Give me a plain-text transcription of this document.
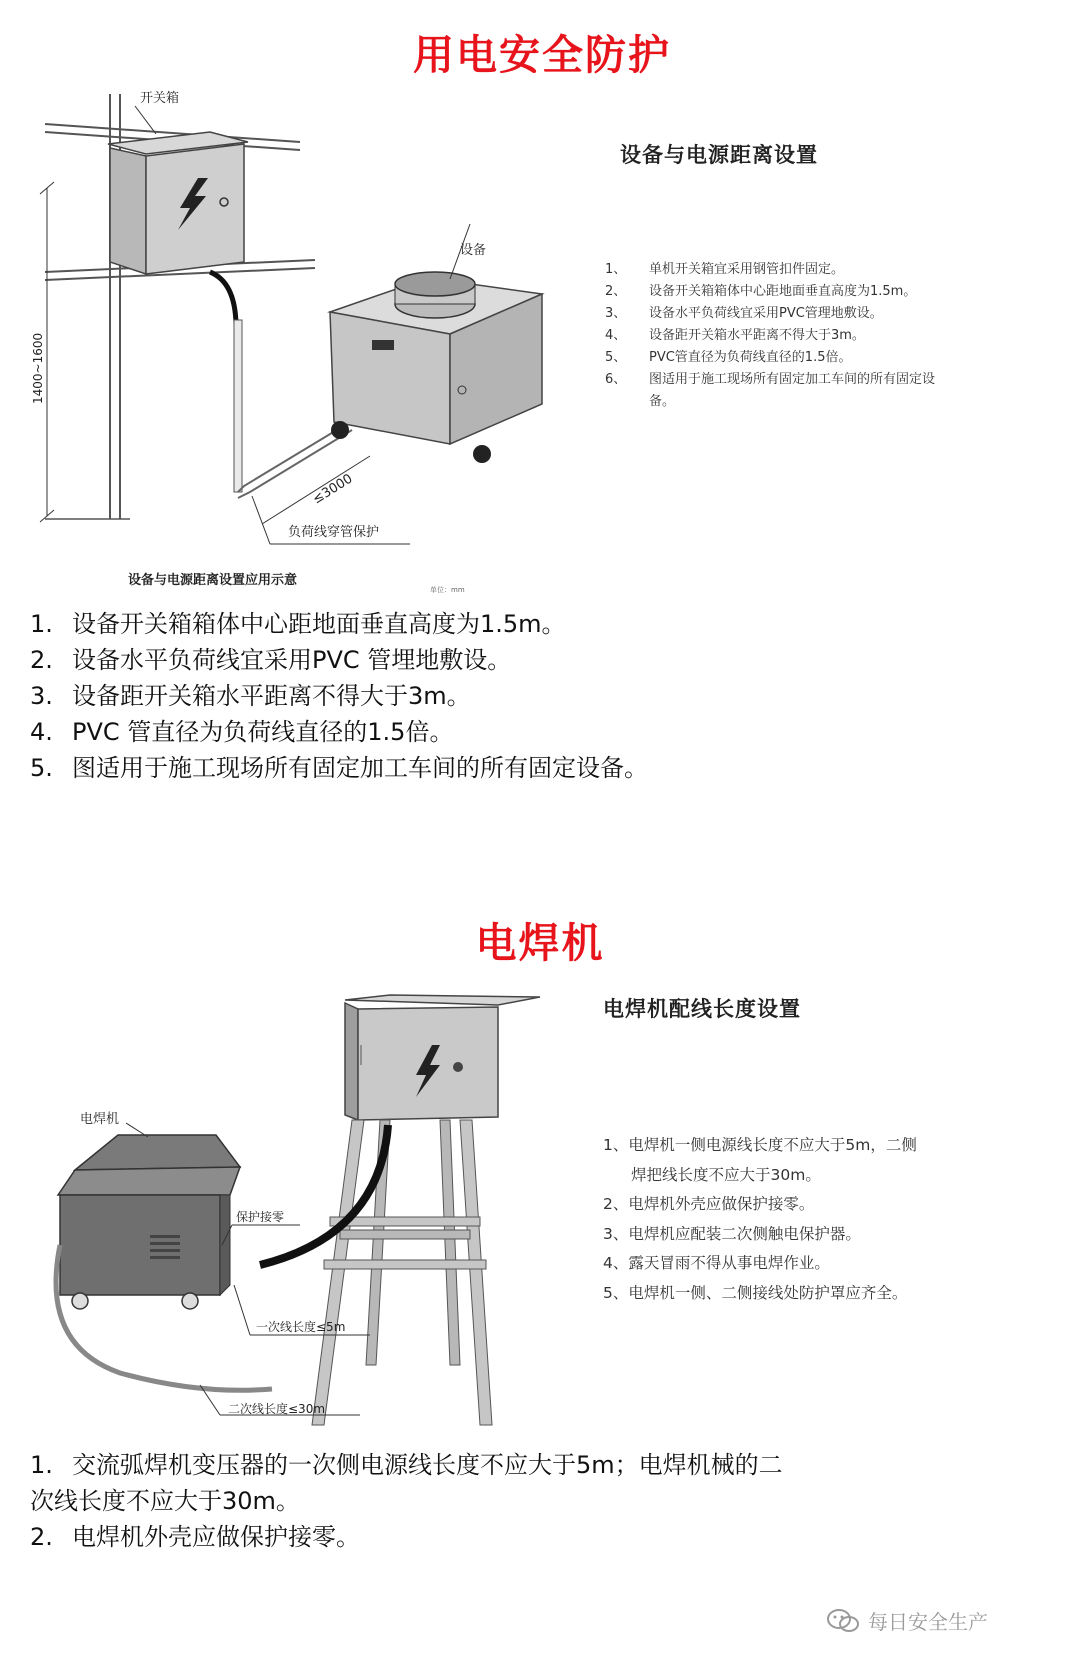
用电安全防护
开关箱
设备
1400~1600
≤3000
负荷线穿管保护
设备与电源距离设置应用示意
单位：mm
设备与电源距离设置
1、	单机开关箱宜采用钢管扣件固定。
2、	设备开关箱箱体中心距地面垂直高度为1.5m。
3、	设备水平负荷线宜采用PVC管理地敷设。
4、	设备距开关箱水平距离不得大于3m。
5、	PVC管直径为负荷线直径的1.5倍。
6、	图适用于施工现场所有固定加工车间的所有固定设备。
1. 设备开关箱箱体中心距地面垂直高度为1.5m。
2. 设备水平负荷线宜采用PVC 管埋地敷设。
3. 设备距开关箱水平距离不得大于3m。
4. PVC 管直径为负荷线直径的1.5倍。
5. 图适用于施工现场所有固定加工车间的所有固定设备。
电焊机
电焊机
二次线长度≤30m
保护接零
一次线长度≤5m
电焊机配线长度设置
1、 电焊机一侧电源线长度不应大于5m，二侧
焊把线长度不应大于30m。
2、 电焊机外壳应做保护接零。
3、 电焊机应配装二次侧触电保护器。
4、 露天冒雨不得从事电焊作业。
5、 电焊机一侧、二侧接线处防护罩应齐全。
1. 交流弧焊机变压器的一次侧电源线长度不应大于5m；电焊机械的二
次线长度不应大于30m。
2. 电焊机外壳应做保护接零。
每日安全生产
